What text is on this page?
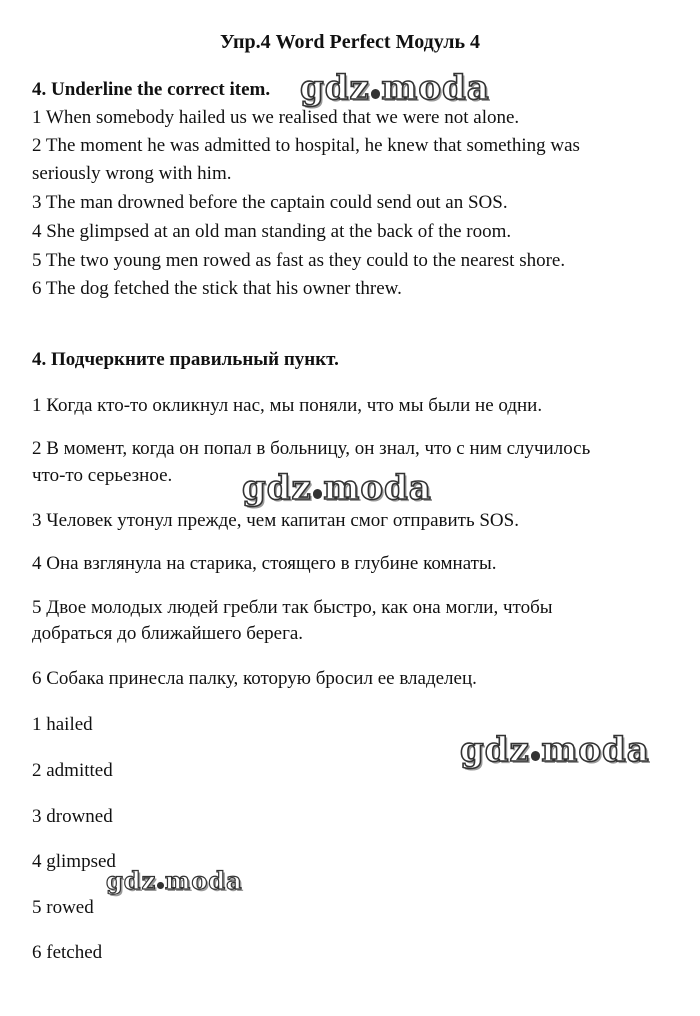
Упр.4 Word Perfect Модуль 4
4. Underline the correct item.
1 When somebody hailed us we realised that we were not alone.
2 The moment he was admitted to hospital, he knew that something was
seriously wrong with him.
3 The man drowned before the captain could send out an SOS.
4 She glimpsed at an old man standing at the back of the room.
5 The two young men rowed as fast as they could to the nearest shore.
6 The dog fetched the stick that his owner threw.
4. Подчеркните правильный пункт.
1 Когда кто-то окликнул нас, мы поняли, что мы были не одни.
2 В момент, когда он попал в больницу, он знал, что с ним случилось
что-то серьезное.
3 Человек утонул прежде, чем капитан смог отправить SOS.
4 Она взглянула на старика, стоящего в глубине комнаты.
5 Двое молодых людей гребли так быстро, как она могли, чтобы
добраться до ближайшего берега.
6 Собака принесла палку, которую бросил ее владелец.
1 hailed
2 admitted
3 drowned
4 glimpsed
5 rowed
6 fetched
gdz moda
gdz moda
gdz moda
gdz moda
